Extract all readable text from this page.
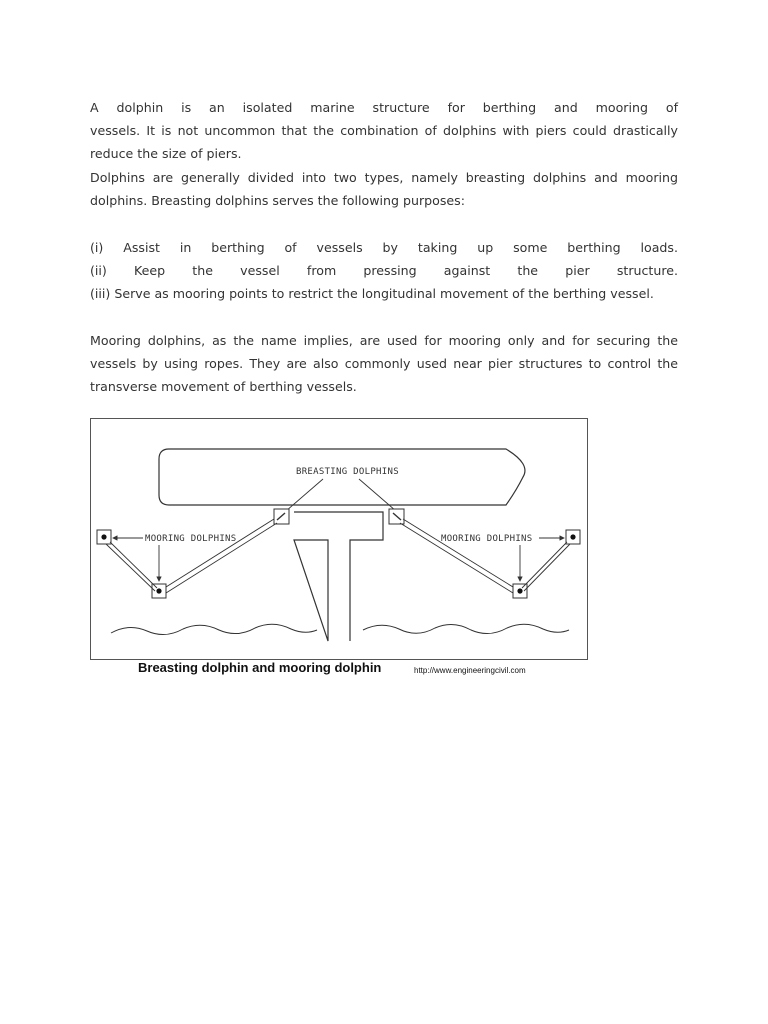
A dolphin is an isolated marine structure for berthing and mooring of
vessels. It is not uncommon that the combination of dolphins with piers could drastically
reduce the size of piers.
Dolphins are generally divided into two types, namely breasting dolphins and mooring
dolphins. Breasting dolphins serves the following purposes:
(i) Assist in berthing of vessels by taking up some berthing loads.
(ii) Keep the vessel from pressing against the pier structure.
(iii) Serve as mooring points to restrict the longitudinal movement of the berthing vessel.
Mooring dolphins, as the name implies, are used for mooring only and for securing the
vessels by using ropes. They are also commonly used near pier structures to control the
transverse movement of berthing vessels.
BREASTING DOLPHINS
MOORING DOLPHINS	MOORING DOLPHINS
Breasting dolphin and mooring dolphin	http://www.engineeringcivil.com
